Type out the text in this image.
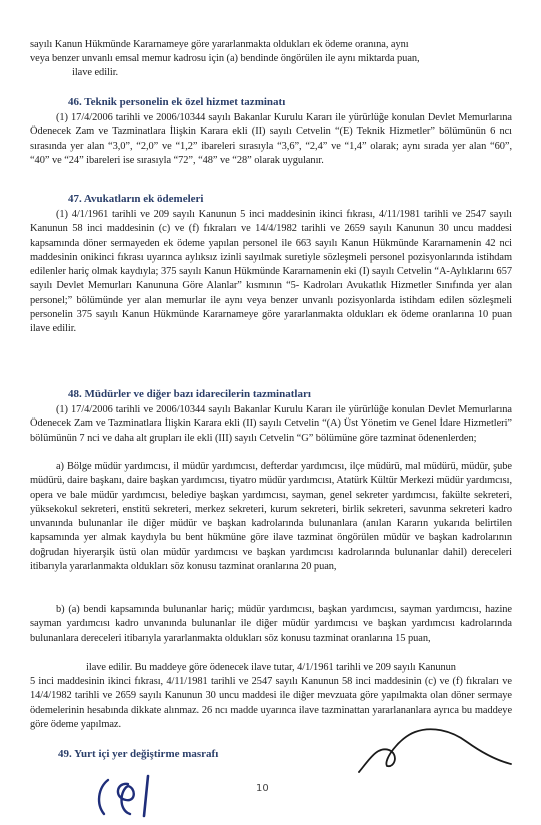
sayılı Kanun Hükmünde Kararnameye göre yararlanmakta oldukları ek ödeme oranına, aynı

veya benzer unvanlı emsal memur kadrosu için (a) bendinde öngörülen ile aynı miktarda puan,

ilave edilir.

46. Teknik personelin ek özel hizmet tazminatı

(1) 17/4/2006 tarihli ve 2006/10344 sayılı Bakanlar Kurulu Kararı ile yürürlüğe konulan Devlet Memurlarına Ödenecek Zam ve Tazminatlara İlişkin Karara ekli (II) sayılı Cetvelin “(E) Teknik Hizmetler” bölümünün 6 ncı sırasında yer alan “3,0”, “2,0” ve “1,2” ibareleri sırasıyla “3,6”, “2,4” ve “1,4” olarak; aynı sırada yer alan “60”, “40” ve “24” ibareleri ise sırasıyla “72”, “48” ve “28” olarak uygulanır.

47. Avukatların ek ödemeleri

(1) 4/1/1961 tarihli ve 209 sayılı Kanunun 5 inci maddesinin ikinci fıkrası, 4/11/1981 tarihli ve 2547 sayılı Kanunun 58 inci maddesinin (c) ve (f) fıkraları ve 14/4/1982 tarihli ve 2659 sayılı Kanunun 30 uncu maddesi kapsamında döner sermayeden ek ödeme yapılan personel ile 663 sayılı Kanun Hükmünde Kararnamenin 42 nci maddesinin onikinci fıkrası uyarınca aylıksız izinli sayılmak suretiyle sözleşmeli personel pozisyonlarında istihdam edilenler hariç olmak kaydıyla; 375 sayılı Kanun Hükmünde Kararnamenin eki (I) sayılı Cetvelin “A-Aylıklarını 657 sayılı Devlet Memurları Kanununa Göre Alanlar” kısmının “5- Kadroları Avukatlık Hizmetler Sınıfında yer alan personel;” bölümünde yer alan memurlar ile aynı veya benzer unvanlı pozisyonlarda istihdam edilen sözleşmeli personelin 375 sayılı Kanun Hükmünde Kararnameye göre yararlanmakta oldukları ek ödeme oranlarına 10 puan ilave edilir.

48. Müdürler ve diğer bazı idarecilerin tazminatları

(1) 17/4/2006 tarihli ve 2006/10344 sayılı Bakanlar Kurulu Kararı ile yürürlüğe konulan Devlet Memurlarına Ödenecek Zam ve Tazminatlara İlişkin Karara ekli (II) sayılı Cetvelin “(A) Üst Yönetim ve Genel İdare Hizmetleri” bölümünün 7 nci ve daha alt grupları ile ekli (III) sayılı Cetvelin “G” bölümüne göre tazminat ödenenlerden;

a) Bölge müdür yardımcısı, il müdür yardımcısı, defterdar yardımcısı, ilçe müdürü, mal müdürü, müdür, şube müdürü, daire başkanı, daire başkan yardımcısı, tiyatro müdür yardımcısı, Atatürk Kültür Merkezi müdür yardımcısı, opera ve bale müdür yardımcısı, belediye başkan yardımcısı, sayman, genel sekreter yardımcısı, fakülte sekreteri, yüksekokul sekreteri, enstitü sekreteri, merkez sekreteri, kurum sekreteri, birlik sekreteri, savunma sekreteri kadro unvanında bulunanlar ile diğer müdür ve başkan kadrolarında bulunanlara (anılan Kararın yukarıda belirtilen kapsamında yer almak kaydıyla bu bent hükmüne göre ilave tazminat öngörülen müdür ve başkan kadrolarının doğrudan hiyerarşik üstü olan müdür yardımcısı ve başkan yardımcısı kadrolarında bulunanlar dahil) dereceleri itibarıyla yararlanmakta oldukları söz konusu tazminat oranlarına 20 puan,

b) (a) bendi kapsamında bulunanlar hariç; müdür yardımcısı, başkan yardımcısı, sayman yardımcısı, hazine sayman yardımcısı kadro unvanında bulunanlar ile diğer müdür yardımcısı ve başkan yardımcısı kadrolarında bulunanlara dereceleri itibarıyla yararlanmakta oldukları söz konusu tazminat oranlarına 15 puan,

ilave edilir. Bu maddeye göre ödenecek ilave tutar, 4/1/1961 tarihli ve 209 sayılı Kanunun

5 inci maddesinin ikinci fıkrası, 4/11/1981 tarihli ve 2547 sayılı Kanunun 58 inci maddesinin (c) ve (f) fıkraları ve 14/4/1982 tarihli ve 2659 sayılı Kanunun 30 uncu maddesi ile diğer mevzuata göre yapılmakta olan döner sermaye ödemelerinin hesabında dikkate alınmaz. 26 ncı madde uyarınca ilave tazminattan yararlananlara ayrıca bu maddeye göre ödeme yapılmaz.

49. Yurt içi yer değiştirme masrafı
10
